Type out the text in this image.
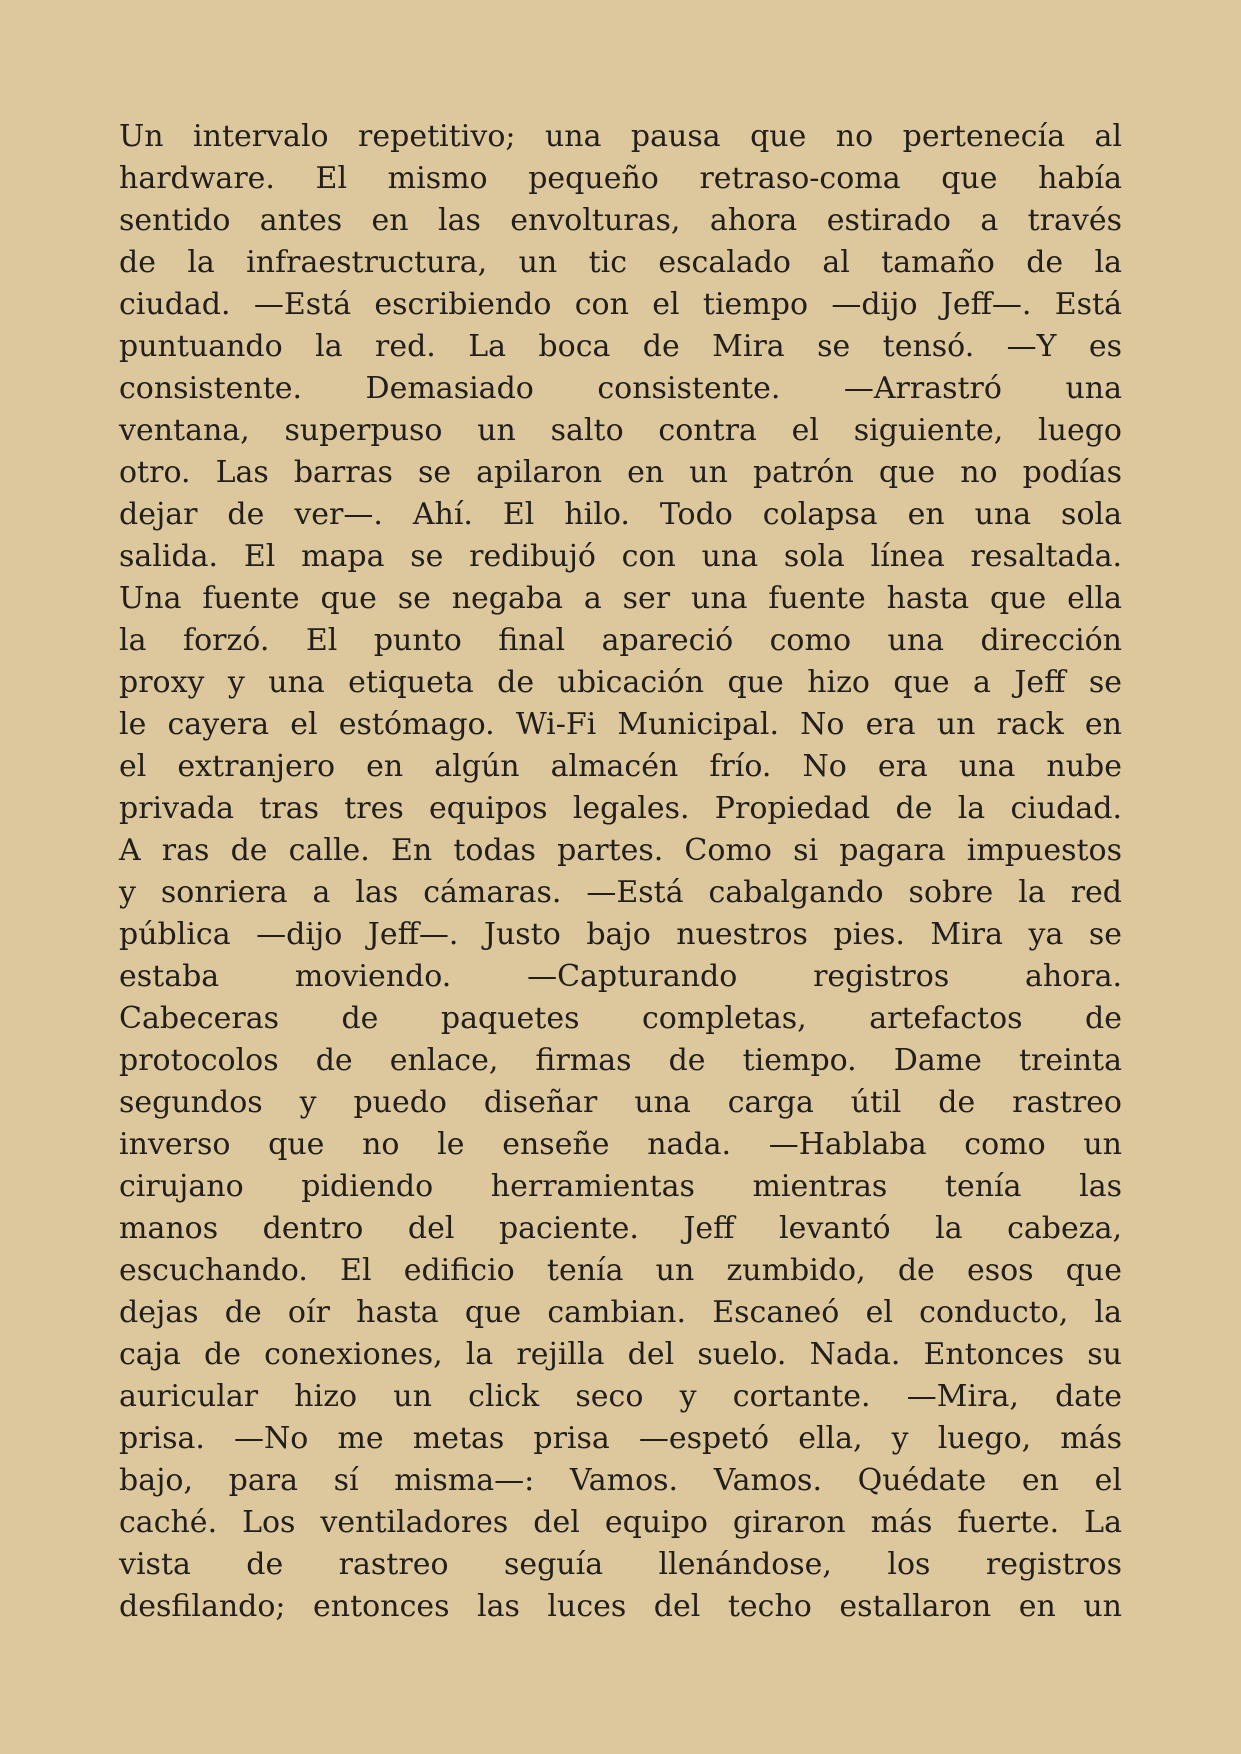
Un intervalo repetitivo; una pausa que no pertenecía al
hardware. El mismo pequeño retraso-coma que había
sentido antes en las envolturas, ahora estirado a través
de la infraestructura, un tic escalado al tamaño de la
ciudad. —Está escribiendo con el tiempo —dijo Jeff—. Está
puntuando la red. La boca de Mira se tensó. —Y es
consistente. Demasiado consistente. —Arrastró una
ventana, superpuso un salto contra el siguiente, luego
otro. Las barras se apilaron en un patrón que no podías
dejar de ver—. Ahí. El hilo. Todo colapsa en una sola
salida. El mapa se redibujó con una sola línea resaltada.
Una fuente que se negaba a ser una fuente hasta que ella
la forzó. El punto final apareció como una dirección
proxy y una etiqueta de ubicación que hizo que a Jeff se
le cayera el estómago. Wi-Fi Municipal. No era un rack en
el extranjero en algún almacén frío. No era una nube
privada tras tres equipos legales. Propiedad de la ciudad.
A ras de calle. En todas partes. Como si pagara impuestos
y sonriera a las cámaras. —Está cabalgando sobre la red
pública —dijo Jeff—. Justo bajo nuestros pies. Mira ya se
estaba moviendo. —Capturando registros ahora.
Cabeceras de paquetes completas, artefactos de
protocolos de enlace, firmas de tiempo. Dame treinta
segundos y puedo diseñar una carga útil de rastreo
inverso que no le enseñe nada. —Hablaba como un
cirujano pidiendo herramientas mientras tenía las
manos dentro del paciente. Jeff levantó la cabeza,
escuchando. El edificio tenía un zumbido, de esos que
dejas de oír hasta que cambian. Escaneó el conducto, la
caja de conexiones, la rejilla del suelo. Nada. Entonces su
auricular hizo un click seco y cortante. —Mira, date
prisa. —No me metas prisa —espetó ella, y luego, más
bajo, para sí misma—: Vamos. Vamos. Quédate en el
caché. Los ventiladores del equipo giraron más fuerte. La
vista de rastreo seguía llenándose, los registros
desfilando; entonces las luces del techo estallaron en un
